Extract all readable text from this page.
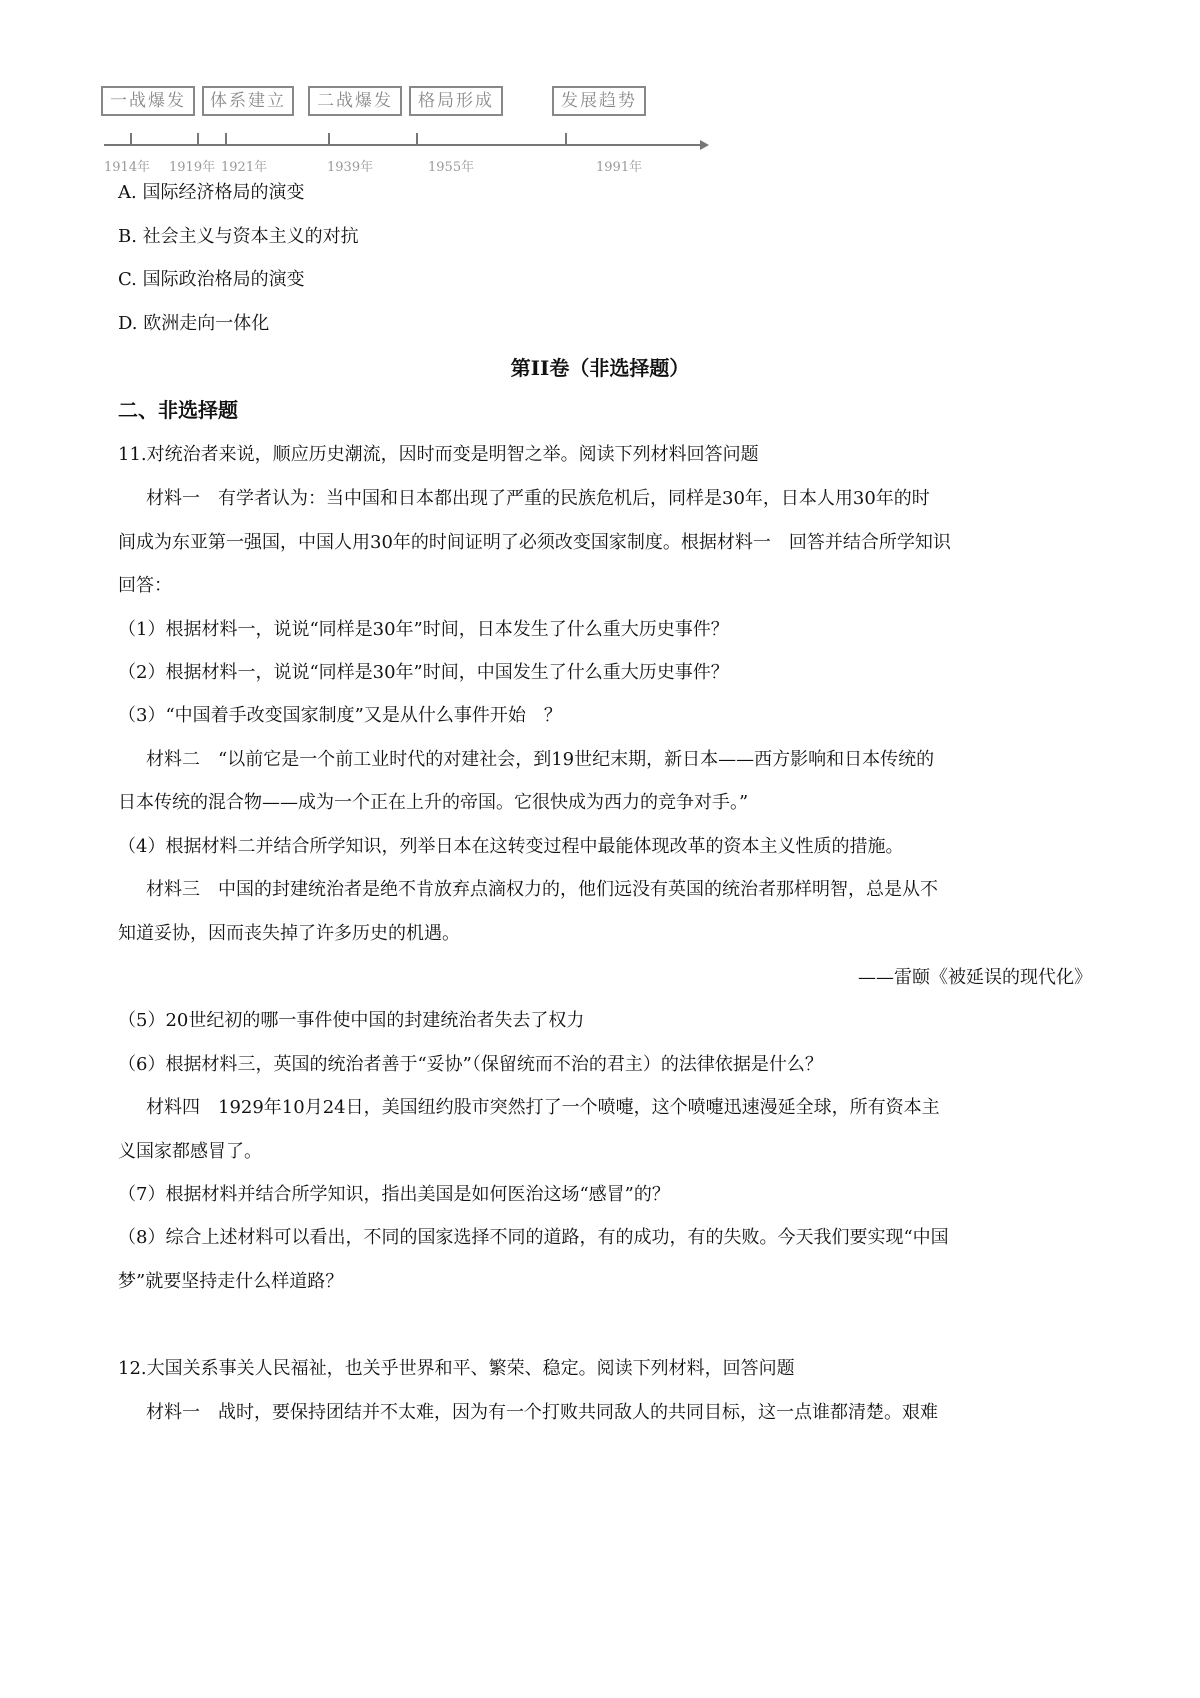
一战爆发	体系建立	二战爆发	格局形成	发展趋势
1914年 1919年 1921年	1939年	1955年	1991年
A. 国际经济格局的演变
B. 社会主义与资本主义的对抗
C. 国际政治格局的演变
D. 欧洲走向一体化
第II卷（非选择题）
二、非选择题
11.对统治者来说，顺应历史潮流，因时而变是明智之举。阅读下列材料回答问题
材料一　有学者认为：当中国和日本都出现了严重的民族危机后，同样是30年，日本人用30年的时
间成为东亚第一强国，中国人用30年的时间证明了必须改变国家制度。根据材料一　回答并结合所学知识
回答：
（1）根据材料一，说说“同样是30年”时间，日本发生了什么重大历史事件？
（2）根据材料一，说说“同样是30年”时间，中国发生了什么重大历史事件？
（3）“中国着手改变国家制度”又是从什么事件开始　？
材料二　“以前它是一个前工业时代的对建社会，到19世纪末期，新日本——西方影响和日本传统的
日本传统的混合物——成为一个正在上升的帝国。它很快成为西力的竞争对手。”
（4）根据材料二并结合所学知识，列举日本在这转变过程中最能体现改革的资本主义性质的措施。
材料三　中国的封建统治者是绝不肯放弃点滴权力的，他们远没有英国的统治者那样明智，总是从不
知道妥协，因而丧失掉了许多历史的机遇。
——雷颐《被延误的现代化》
（5）20世纪初的哪一事件使中国的封建统治者失去了权力
（6）根据材料三，英国的统治者善于“妥协”（保留统而不治的君主）的法律依据是什么？
材料四　1929年10月24日，美国纽约股市突然打了一个喷嚏，这个喷嚏迅速漫延全球，所有资本主
义国家都感冒了。
（7）根据材料并结合所学知识，指出美国是如何医治这场“感冒”的？
（8）综合上述材料可以看出，不同的国家选择不同的道路，有的成功，有的失败。今天我们要实现“中国
梦”就要坚持走什么样道路？
12.大国关系事关人民福祉，也关乎世界和平、繁荣、稳定。阅读下列材料，回答问题
材料一　战时，要保持团结并不太难，因为有一个打败共同敌人的共同目标，这一点谁都清楚。艰难
